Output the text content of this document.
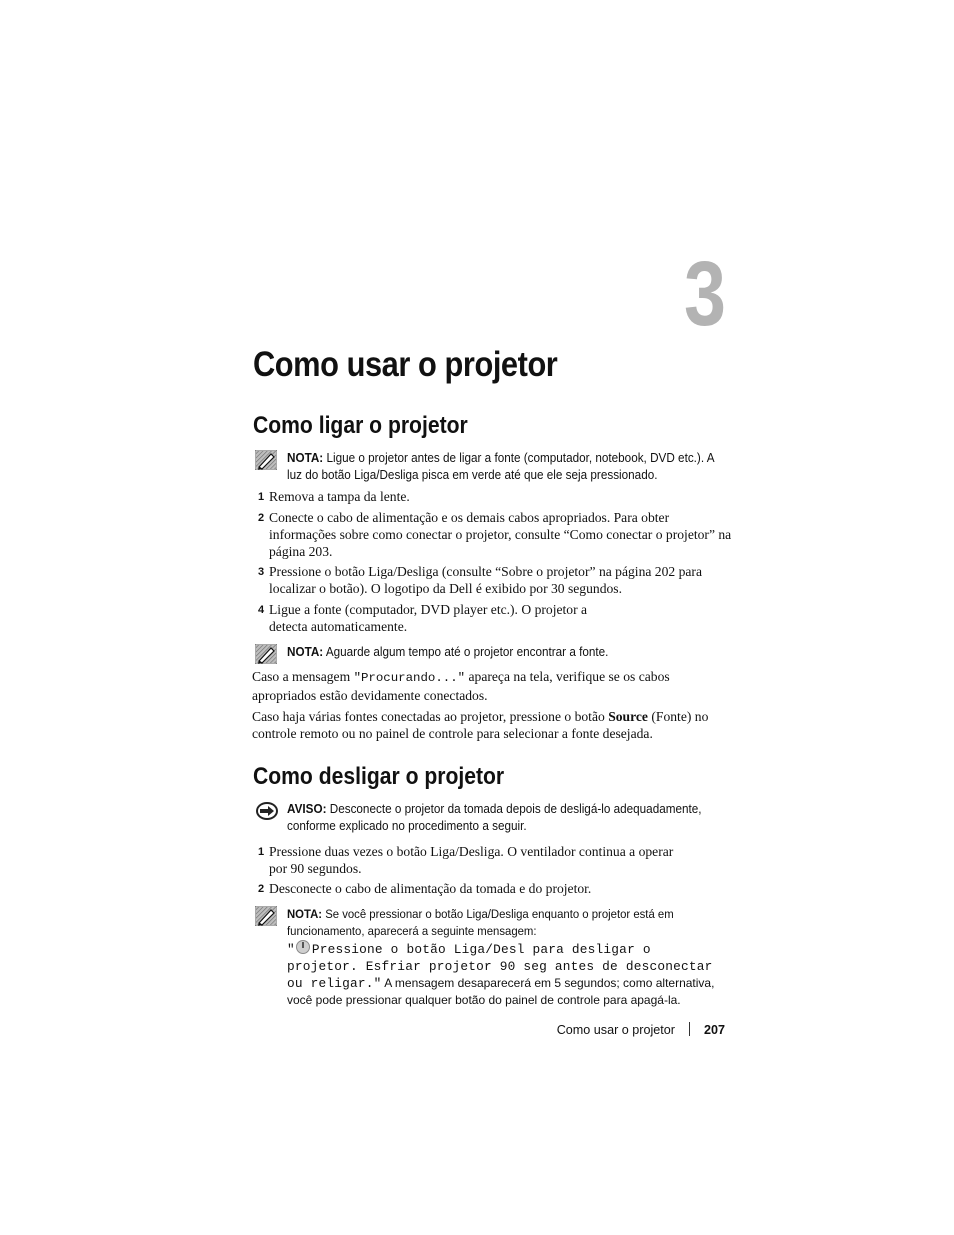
3
Como usar o projetor
Como ligar o projetor
NOTA: Ligue o projetor antes de ligar a fonte (computador, notebook, DVD etc.). A luz do botão Liga/Desliga pisca em verde até que ele seja pressionado.
1 Remova a tampa da lente.
2 Conecte o cabo de alimentação e os demais cabos apropriados. Para obter informações sobre como conectar o projetor, consulte “Como conectar o projetor” na página 203.
3 Pressione o botão Liga/Desliga (consulte “Sobre o projetor” na página 202 para localizar o botão). O logotipo da Dell é exibido por 30 segundos.
4 Ligue a fonte (computador, DVD player etc.). O projetor a detecta automaticamente.
NOTA: Aguarde algum tempo até o projetor encontrar a fonte.
Caso a mensagem "Procurando..." apareça na tela, verifique se os cabos apropriados estão devidamente conectados.
Caso haja várias fontes conectadas ao projetor, pressione o botão Source (Fonte) no controle remoto ou no painel de controle para selecionar a fonte desejada.
Como desligar o projetor
AVISO: Desconecte o projetor da tomada depois de desligá-lo adequadamente, conforme explicado no procedimento a seguir.
1 Pressione duas vezes o botão Liga/Desliga. O ventilador continua a operar por 90 segundos.
2 Desconecte o cabo de alimentação da tomada e do projetor.
NOTA: Se você pressionar o botão Liga/Desliga enquanto o projetor está em funcionamento, aparecerá a seguinte mensagem:
" Pressione o botão Liga/Desl para desligar o projetor. Esfriar projetor 90 seg antes de desconectar ou religar." A mensagem desaparecerá em 5 segundos; como alternativa, você pode pressionar qualquer botão do painel de controle para apagá-la.
Como usar o projetor 207
